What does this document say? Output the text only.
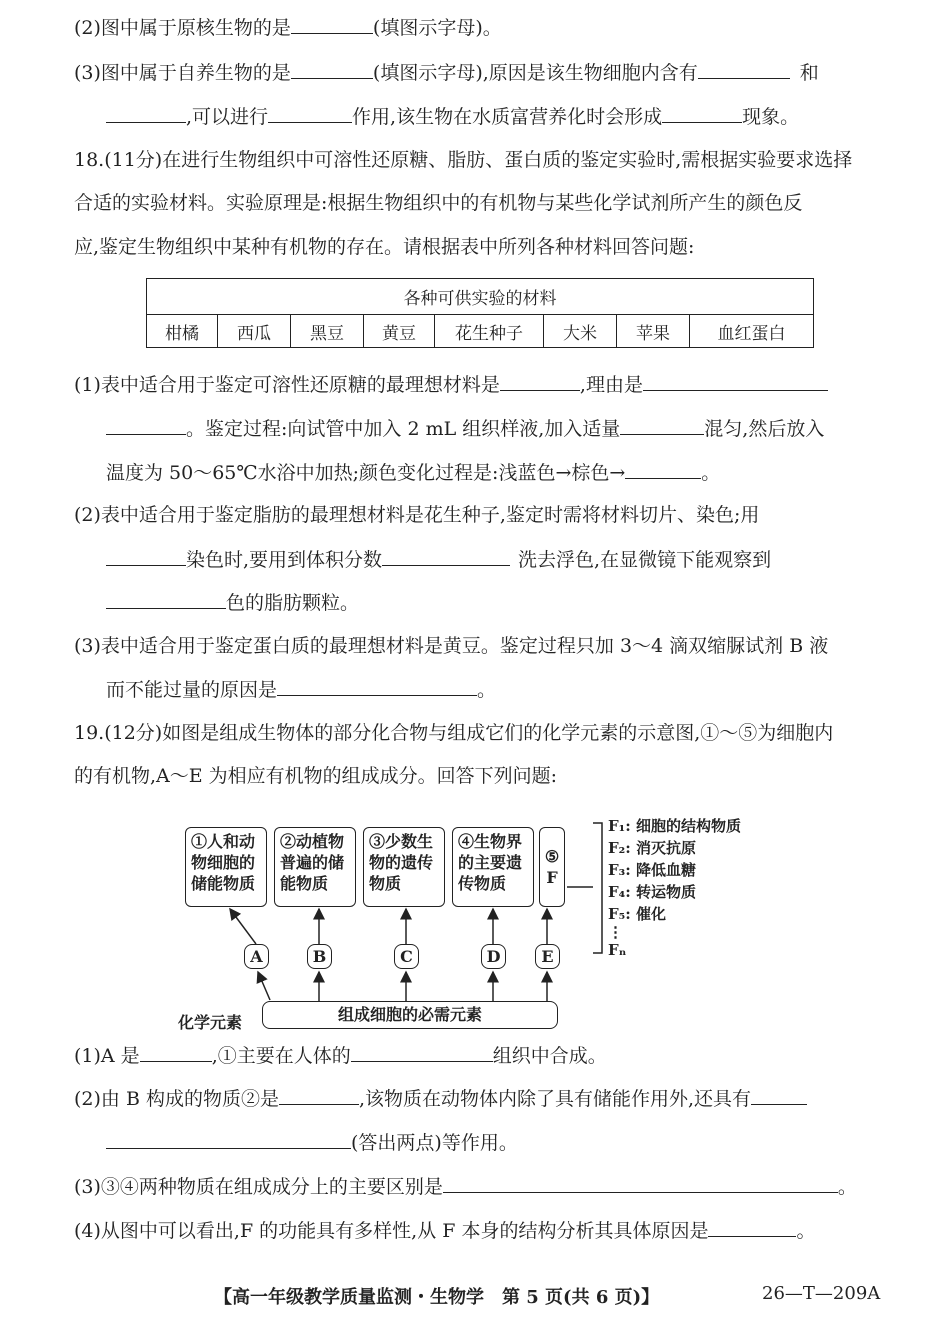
(2)图中属于原核生物的是	(填图示字母)。
(3)图中属于自养生物的是	(填图示字母),原因是该生物细胞内含有	和
,可以进行	作用,该生物在水质富营养化时会形成	现象。
18.(11分)在进行生物组织中可溶性还原糖、脂肪、蛋白质的鉴定实验时,需根据实验要求选择
合适的实验材料。实验原理是:根据生物组织中的有机物与某些化学试剂所产生的颜色反
应,鉴定生物组织中某种有机物的存在。请根据表中所列各种材料回答问题:
各种可供实验的材料
柑橘	西瓜	黑豆	黄豆	花生种子	大米	苹果	血红蛋白
(1)表中适合用于鉴定可溶性还原糖的最理想材料是	,理由是
。鉴定过程:向试管中加入 2 mL 组织样液,加入适量	混匀,然后放入
温度为 50～65℃水浴中加热;颜色变化过程是:浅蓝色→棕色→	。
(2)表中适合用于鉴定脂肪的最理想材料是花生种子,鉴定时需将材料切片、染色;用
染色时,要用到体积分数	洗去浮色,在显微镜下能观察到
色的脂肪颗粒。
(3)表中适合用于鉴定蛋白质的最理想材料是黄豆。鉴定过程只加 3～4 滴双缩脲试剂 B 液
而不能过量的原因是	。
19.(12分)如图是组成生物体的部分化合物与组成它们的化学元素的示意图,①～⑤为细胞内
的有机物,A～E 为相应有机物的组成成分。回答下列问题:
①人和动
物细胞的
储能物质
②动植物
普遍的储
能物质
③少数生
物的遗传
物质
④生物界
的主要遗
传物质
⑤
F
A	B	C	D	E
F₁: 细胞的结构物质
F₂: 消灭抗原
F₃: 降低血糖
F₄: 转运物质
F₅: 催化
⋮
Fₙ
化学元素	组成细胞的必需元素
(1)A 是	,①主要在人体的	组织中合成。
(2)由 B 构成的物质②是	,该物质在动物体内除了具有储能作用外,还具有
(答出两点)等作用。
(3)③④两种物质在组成成分上的主要区别是	。
(4)从图中可以看出,F 的功能具有多样性,从 F 本身的结构分析其具体原因是	。
【高一年级教学质量监测・生物学　第 5 页(共 6 页)】	26—T—209A
